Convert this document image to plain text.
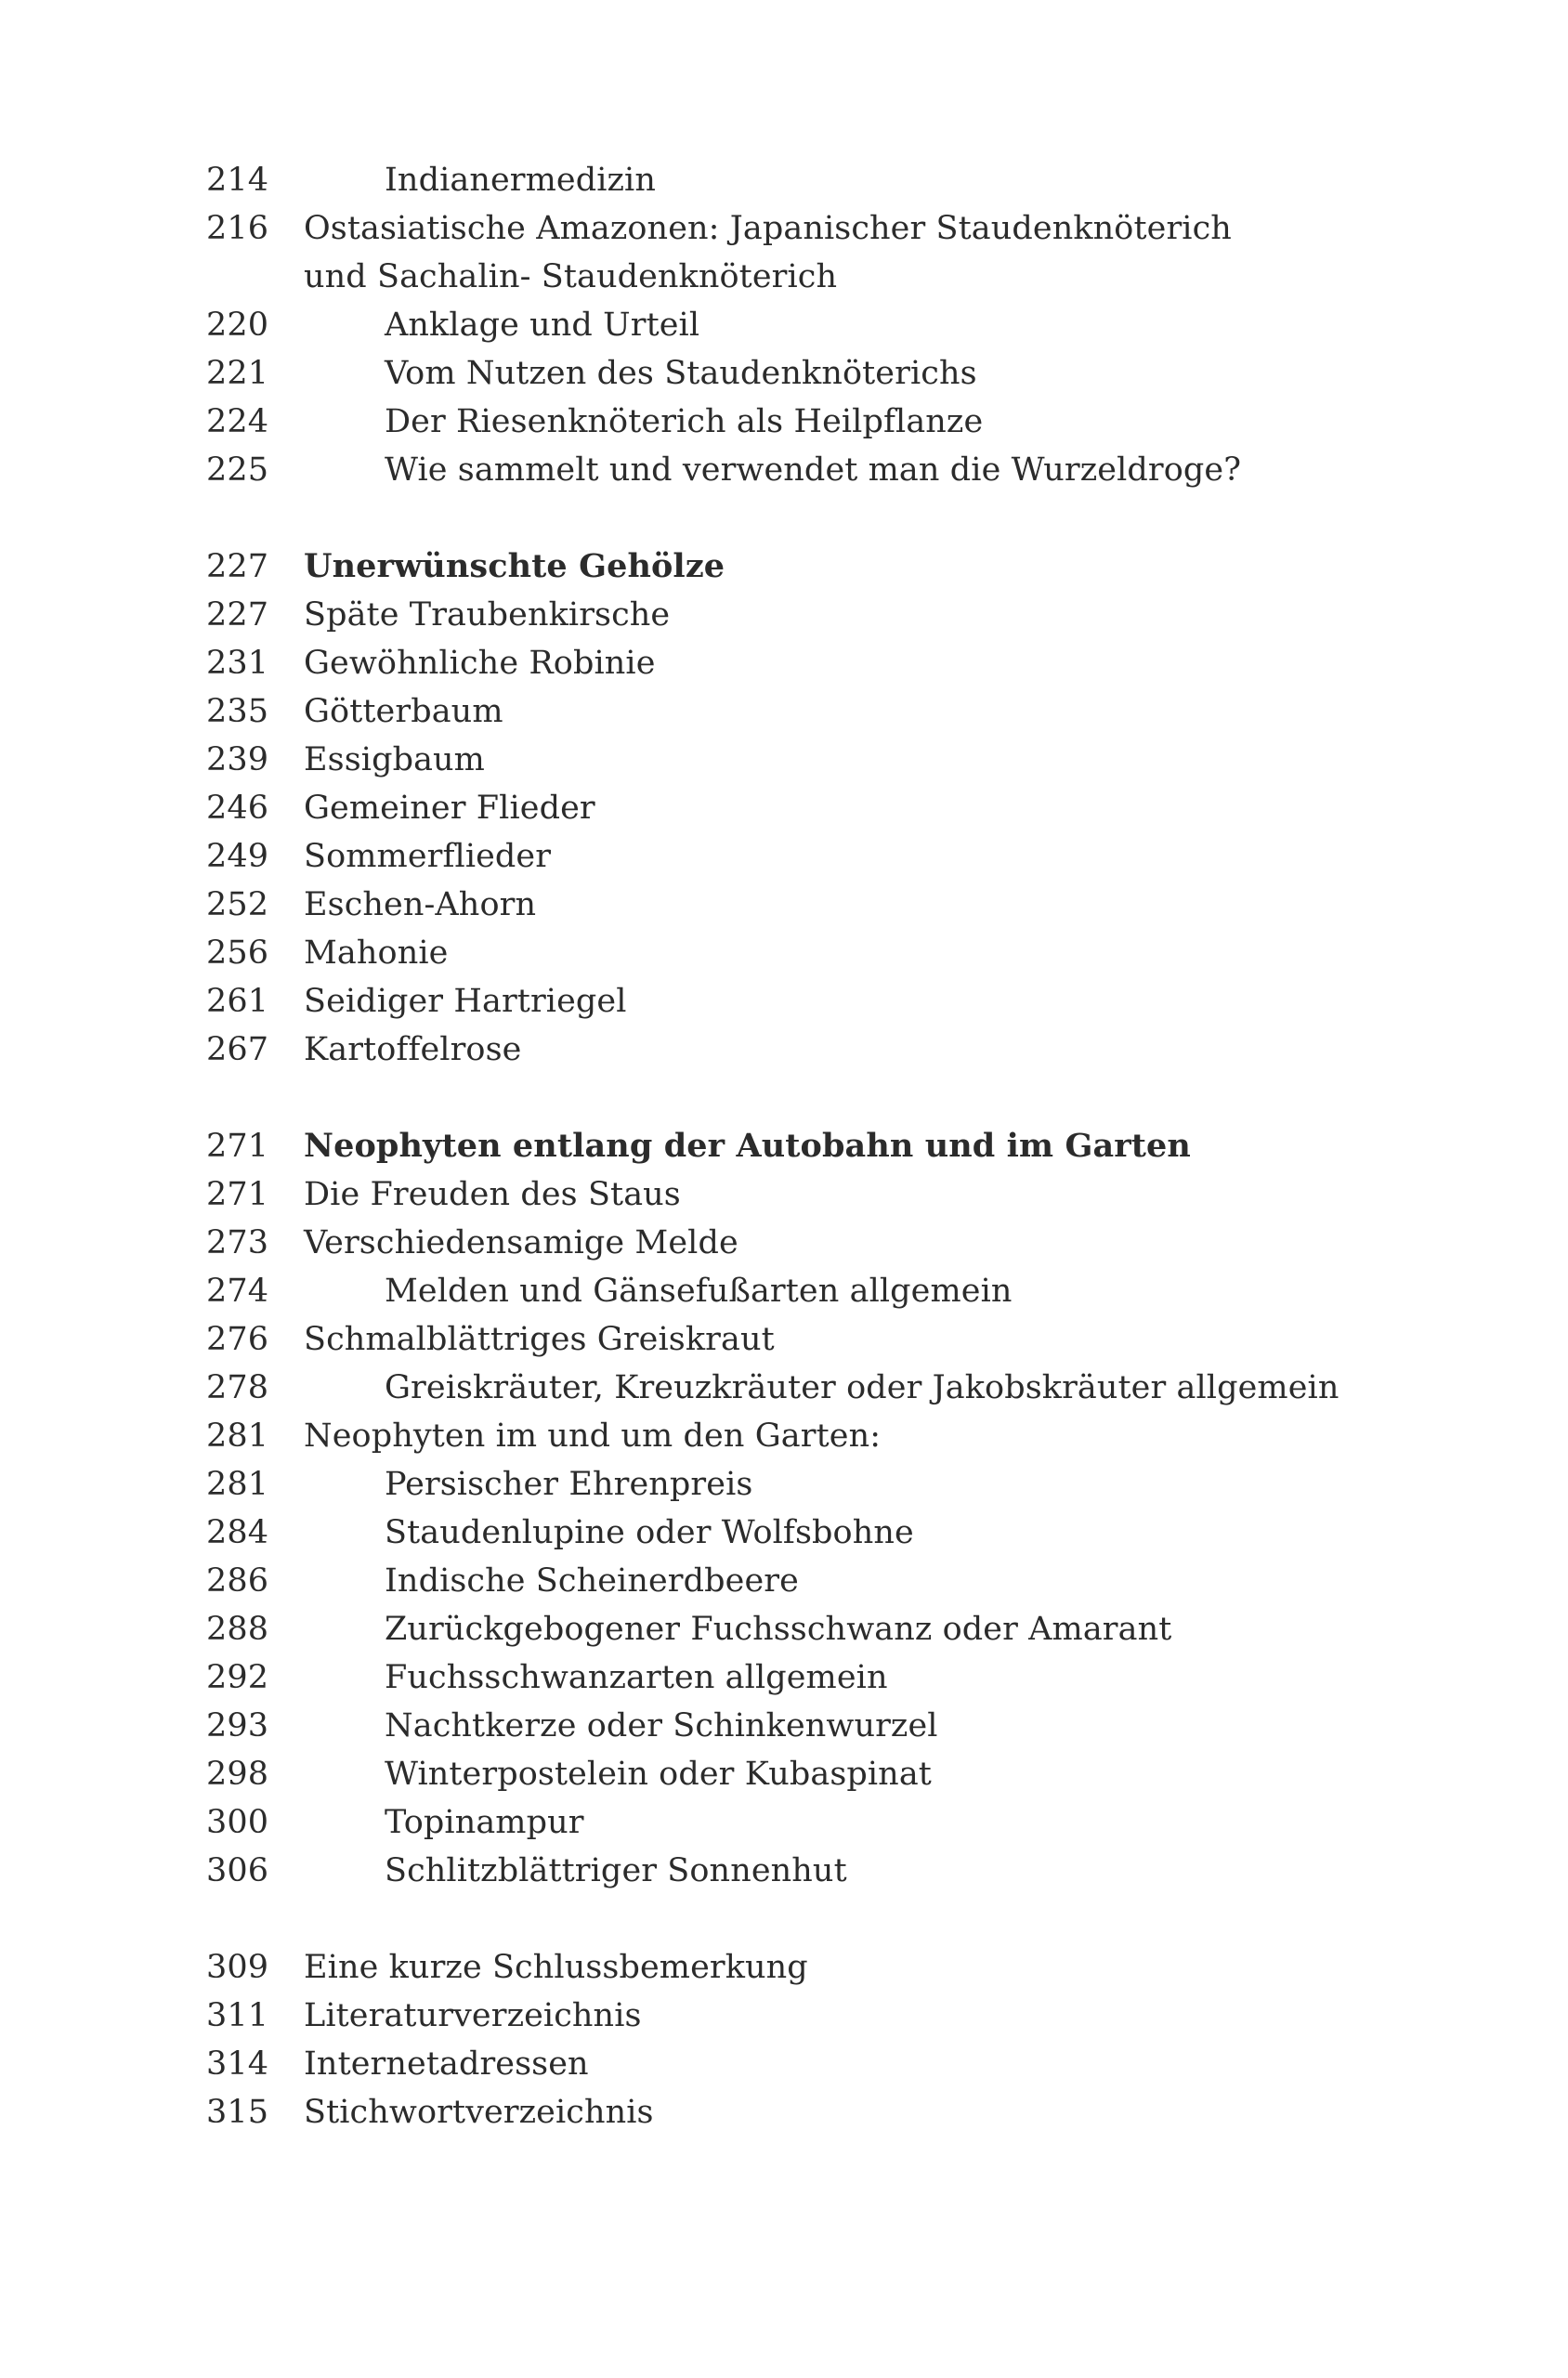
214	Indianermedizin
216	Ostasiatische Amazonen: Japanischer Staudenknöterich
und Sachalin- Staudenknöterich
220	Anklage und Urteil
221	Vom Nutzen des Staudenknöterichs
224	Der Riesenknöterich als Heilpflanze
225	Wie sammelt und verwendet man die Wurzeldroge?
227	Unerwünschte Gehölze
227	Späte Traubenkirsche
231	Gewöhnliche Robinie
235	Götterbaum
239	Essigbaum
246	Gemeiner Flieder
249	Sommerflieder
252	Eschen-Ahorn
256	Mahonie
261	Seidiger Hartriegel
267	Kartoffelrose
271	Neophyten entlang der Autobahn und im Garten
271	Die Freuden des Staus
273	Verschiedensamige Melde
274	Melden und Gänsefußarten allgemein
276	Schmalblättriges Greiskraut
278	Greiskräuter, Kreuzkräuter oder Jakobskräuter allgemein
281	Neophyten im und um den Garten:
281	Persischer Ehrenpreis
284	Staudenlupine oder Wolfsbohne
286	Indische Scheinerdbeere
288	Zurückgebogener Fuchsschwanz oder Amarant
292	Fuchsschwanzarten allgemein
293	Nachtkerze oder Schinkenwurzel
298	Winterpostelein oder Kubaspinat
300	Topinampur
306	Schlitzblättriger Sonnenhut
309	Eine kurze Schlussbemerkung
311	Literaturverzeichnis
314	Internetadressen
315	Stichwortverzeichnis
